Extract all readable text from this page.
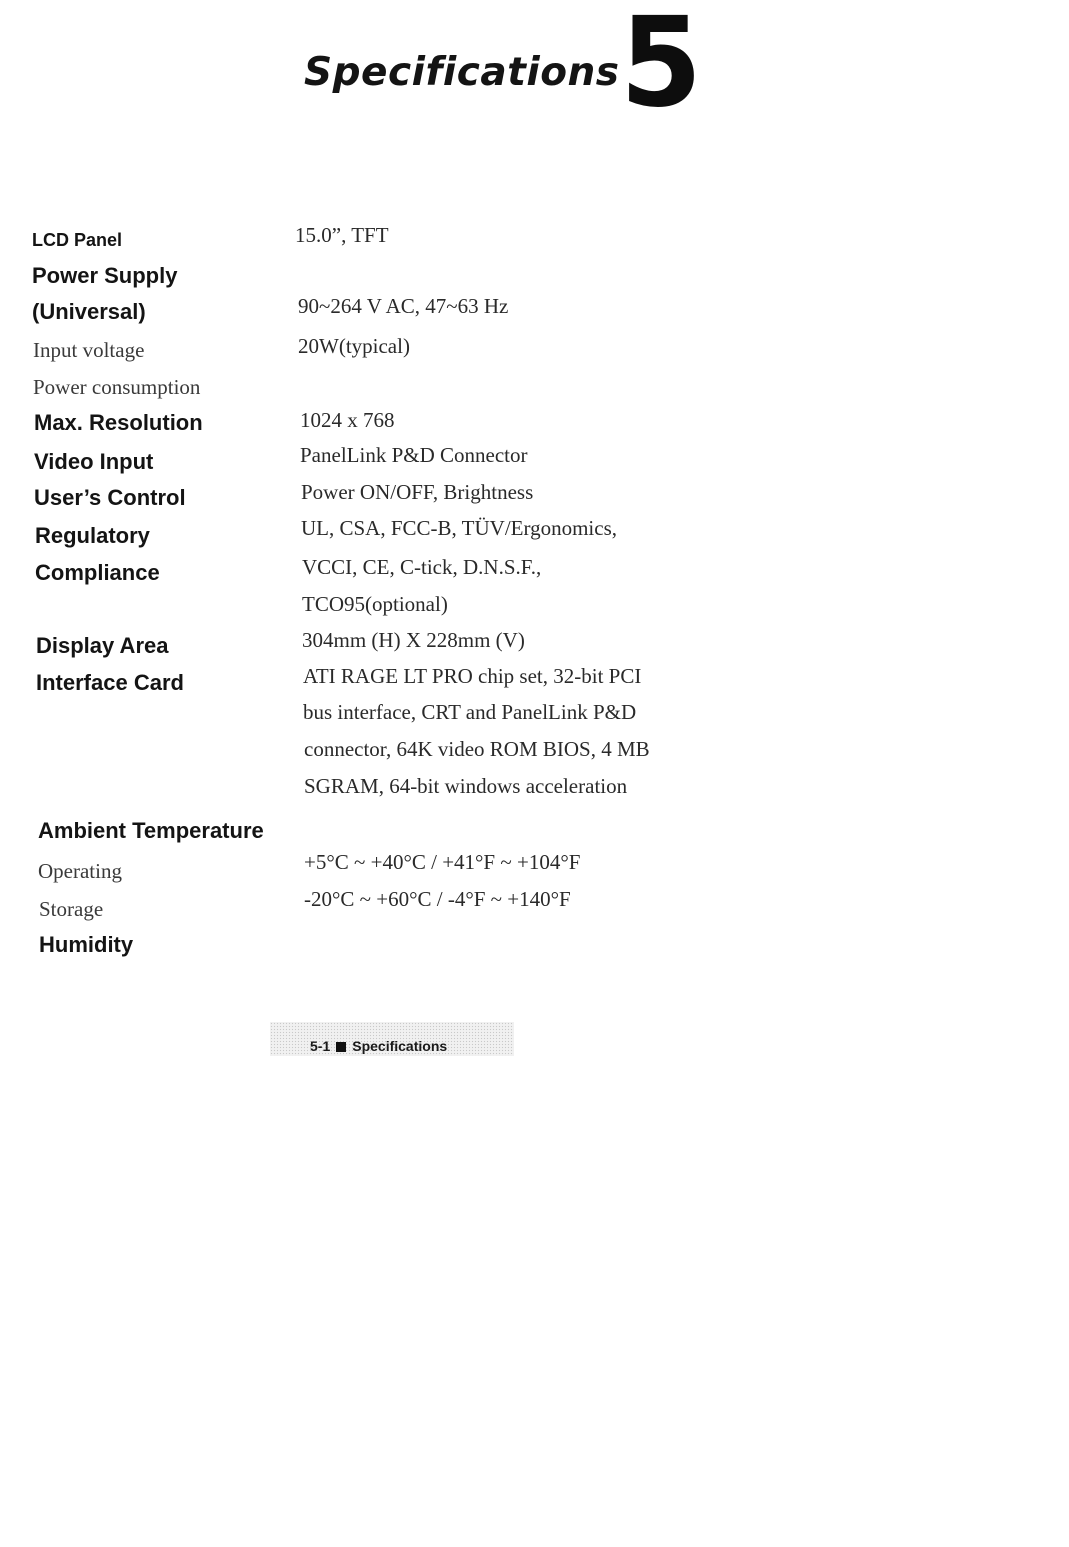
Specifications 5
LCD Panel
Power Supply
(Universal)
Input voltage
Power consumption
Max. Resolution
Video Input
User’s Control
Regulatory
Compliance
Display Area
Interface Card
Ambient Temperature
Operating
Storage
Humidity
15.0”, TFT
90~264 V AC, 47~63 Hz
20W(typical)
1024 x 768
PanelLink P&D Connector
Power ON/OFF, Brightness
UL, CSA, FCC-B, TÜV/Ergonomics,
VCCI, CE, C-tick, D.N.S.F.,
TCO95(optional)
304mm (H) X 228mm (V)
ATI RAGE LT PRO chip set, 32-bit PCI
bus interface, CRT and PanelLink P&D
connector, 64K video ROM BIOS, 4 MB
SGRAM, 64-bit windows acceleration
+5°C ~ +40°C / +41°F ~ +104°F
-20°C ~ +60°C / -4°F ~ +140°F
5-1 Specifications
